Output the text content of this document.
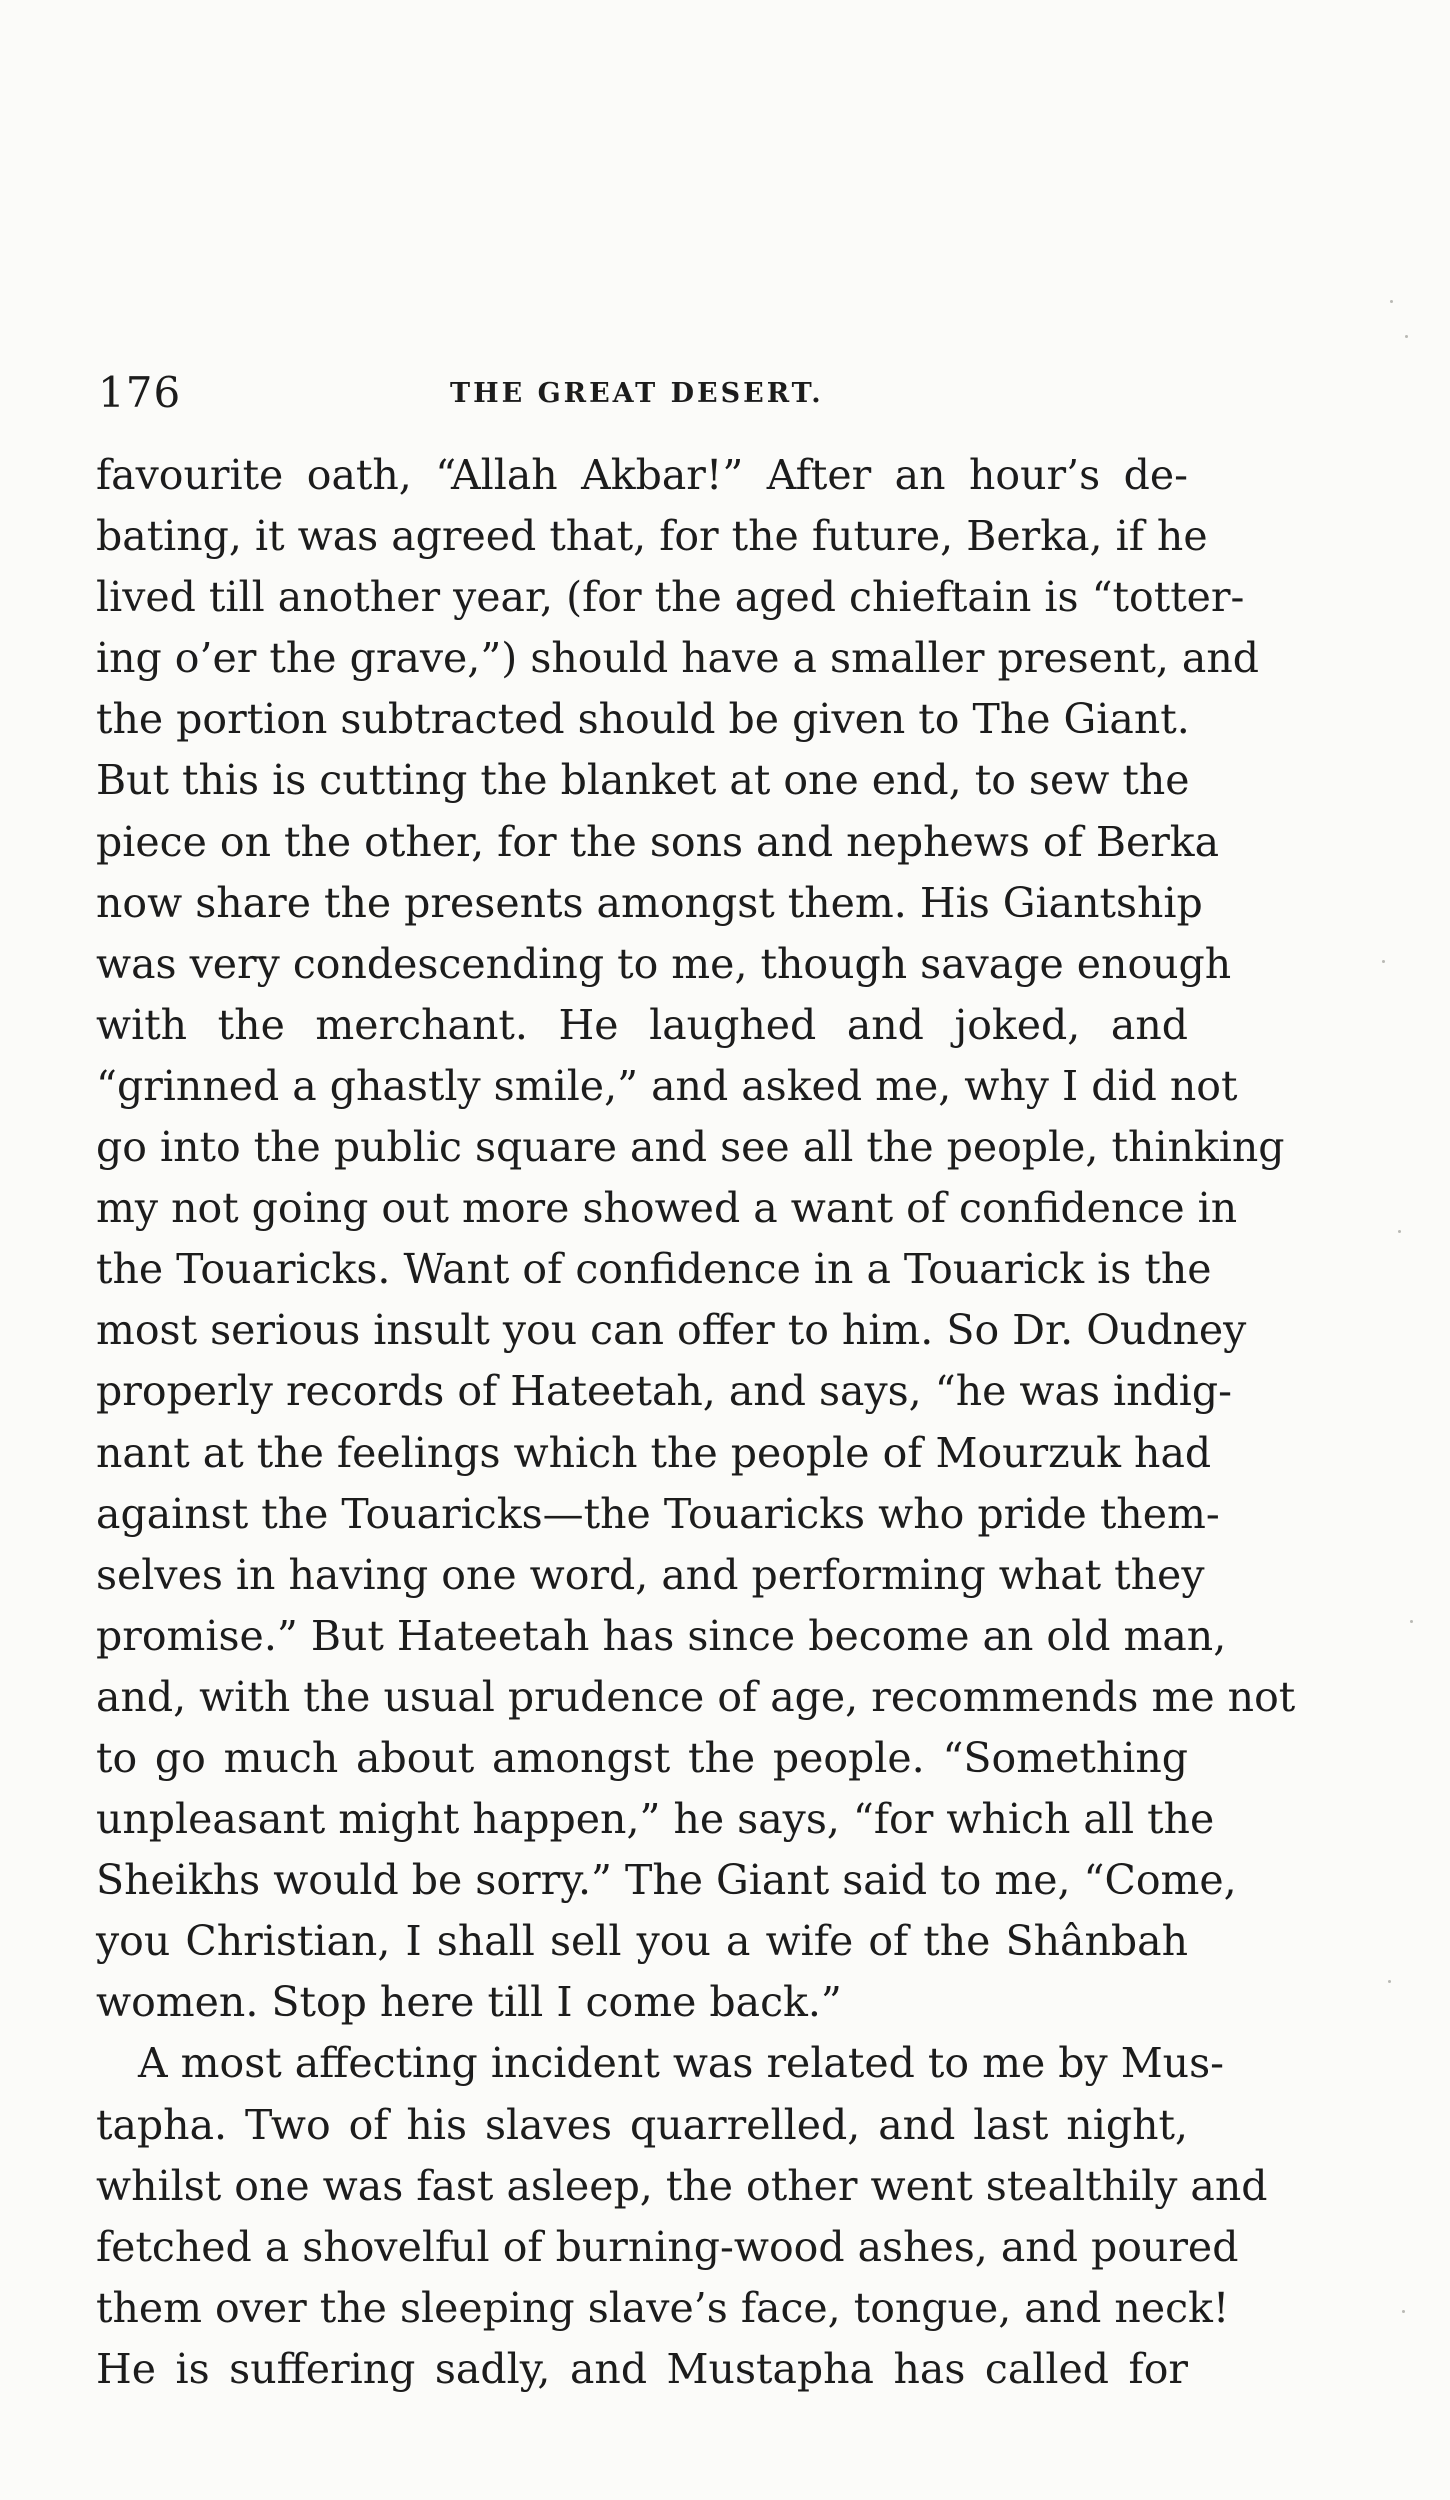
176	THE GREAT DESERT.
favourite oath, “Allah Akbar!” After an hour’s de-
bating, it was agreed that, for the future, Berka, if he
lived till another year, (for the aged chieftain is “totter-
ing o’er the grave,”) should have a smaller present, and
the portion subtracted should be given to The Giant.
But this is cutting the blanket at one end, to sew the
piece on the other, for the sons and nephews of Berka
now share the presents amongst them. His Giantship
was very condescending to me, though savage enough
with the merchant. He laughed and joked, and
“grinned a ghastly smile,” and asked me, why I did not
go into the public square and see all the people, thinking
my not going out more showed a want of confidence in
the Touaricks. Want of confidence in a Touarick is the
most serious insult you can offer to him. So Dr. Oudney
properly records of Hateetah, and says, “he was indig-
nant at the feelings which the people of Mourzuk had
against the Touaricks—the Touaricks who pride them-
selves in having one word, and performing what they
promise.” But Hateetah has since become an old man,
and, with the usual prudence of age, recommends me not
to go much about amongst the people. “Something
unpleasant might happen,” he says, “for which all the
Sheikhs would be sorry.” The Giant said to me, “Come,
you Christian, I shall sell you a wife of the Shânbah
women. Stop here till I come back.”
A most affecting incident was related to me by Mus-
tapha. Two of his slaves quarrelled, and last night,
whilst one was fast asleep, the other went stealthily and
fetched a shovelful of burning-wood ashes, and poured
them over the sleeping slave’s face, tongue, and neck!
He is suffering sadly, and Mustapha has called for
